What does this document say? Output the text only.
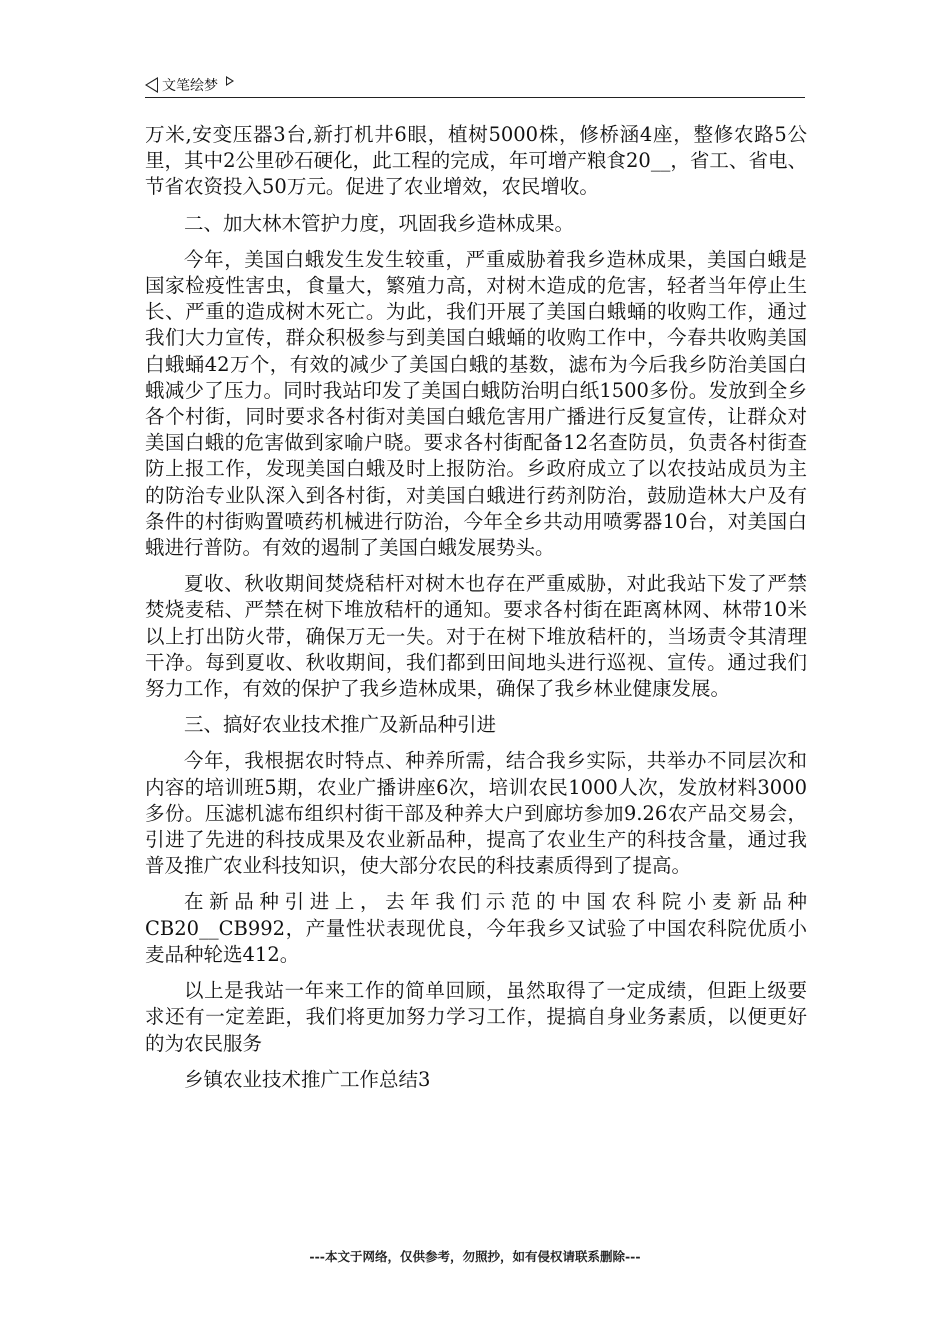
文笔绘梦

万米,安变压器3台,新打机井6眼，植树5000株，修桥涵4座，整修农路5公里，其中2公里砂石硬化，此工程的完成，年可增产粮食20__，省工、省电、节省农资投入50万元。促进了农业增效，农民增收。

二、加大林木管护力度，巩固我乡造林成果。

今年，美国白蛾发生发生较重，严重威胁着我乡造林成果，美国白蛾是国家检疫性害虫，食量大，繁殖力高，对树木造成的危害，轻者当年停止生长、严重的造成树木死亡。为此，我们开展了美国白蛾蛹的收购工作，通过我们大力宣传，群众积极参与到美国白蛾蛹的收购工作中，今春共收购美国白蛾蛹42万个，有效的减少了美国白蛾的基数，滤布为今后我乡防治美国白蛾减少了压力。同时我站印发了美国白蛾防治明白纸1500多份。发放到全乡各个村街，同时要求各村街对美国白蛾危害用广播进行反复宣传，让群众对美国白蛾的危害做到家喻户晓。要求各村街配备12名查防员，负责各村街查防上报工作，发现美国白蛾及时上报防治。乡政府成立了以农技站成员为主的防治专业队深入到各村街，对美国白蛾进行药剂防治，鼓励造林大户及有条件的村街购置喷药机械进行防治，今年全乡共动用喷雾器10台，对美国白蛾进行普防。有效的遏制了美国白蛾发展势头。

夏收、秋收期间焚烧秸杆对树木也存在严重威胁，对此我站下发了严禁焚烧麦秸、严禁在树下堆放秸杆的通知。要求各村街在距离林网、林带10米以上打出防火带，确保万无一失。对于在树下堆放秸杆的，当场责令其清理干净。每到夏收、秋收期间，我们都到田间地头进行巡视、宣传。通过我们努力工作，有效的保护了我乡造林成果，确保了我乡林业健康发展。

三、搞好农业技术推广及新品种引进

今年，我根据农时特点、种养所需，结合我乡实际，共举办不同层次和内容的培训班5期，农业广播讲座6次，培训农民1000人次，发放材料3000多份。压滤机滤布组织村街干部及种养大户到廊坊参加9.26农产品交易会，引进了先进的科技成果及农业新品种，提高了农业生产的科技含量，通过我普及推广农业科技知识，使大部分农民的科技素质得到了提高。

在新品种引进上，去年我们示范的中国农科院小麦新品种CB20__CB992，产量性状表现优良，今年我乡又试验了中国农科院优质小麦品种轮选412。

以上是我站一年来工作的简单回顾，虽然取得了一定成绩，但距上级要求还有一定差距，我们将更加努力学习工作，提搞自身业务素质，以便更好的为农民服务

乡镇农业技术推广工作总结3

---本文于网络，仅供参考，勿照抄，如有侵权请联系删除---
